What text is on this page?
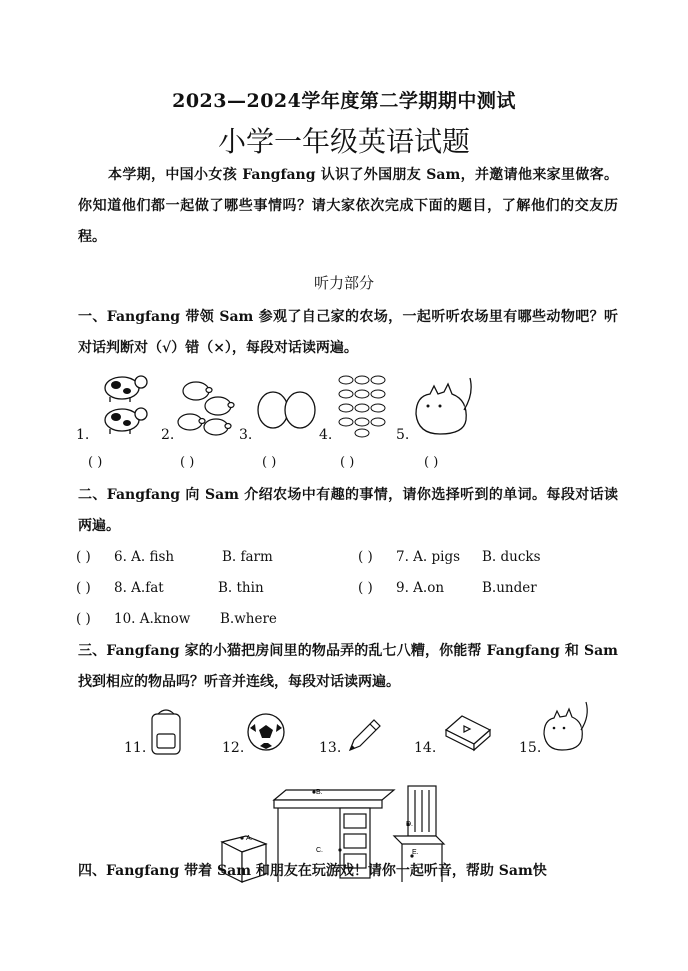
2023—2024学年度第二学期期中测试
小学一年级英语试题
本学期，中国小女孩 Fangfang 认识了外国朋友 Sam，并邀请他来家里做客。你知道他们都一起做了哪些事情吗？请大家依次完成下面的题目，了解他们的交友历程。
听力部分
一、Fangfang 带领 Sam 参观了自己家的农场，一起听听农场里有哪些动物吧？听对话判断对（√）错（×），每段对话读两遍。
1.	2.	3.	4.	5.
( )	( )	( )	( )	( )
二、Fangfang 向 Sam 介绍农场中有趣的事情，请你选择听到的单词。每段对话读两遍。
( ) 6. A. fish	B. farm	( ) 7. A. pigs B. ducks
( ) 8. A.fat	B. thin	( ) 9. A.on	B.under
( ) 10. A.know B.where
三、Fangfang 家的小猫把房间里的物品弄的乱七八糟，你能帮 Fangfang 和 Sam 找到相应的物品吗？听音并连线，每段对话读两遍。
11.	12.	13.	14.	15.
A.
B.
C.
D.
E.
四、Fangfang 带着 Sam 和朋友在玩游戏！请你一起听音，帮助 Sam快
